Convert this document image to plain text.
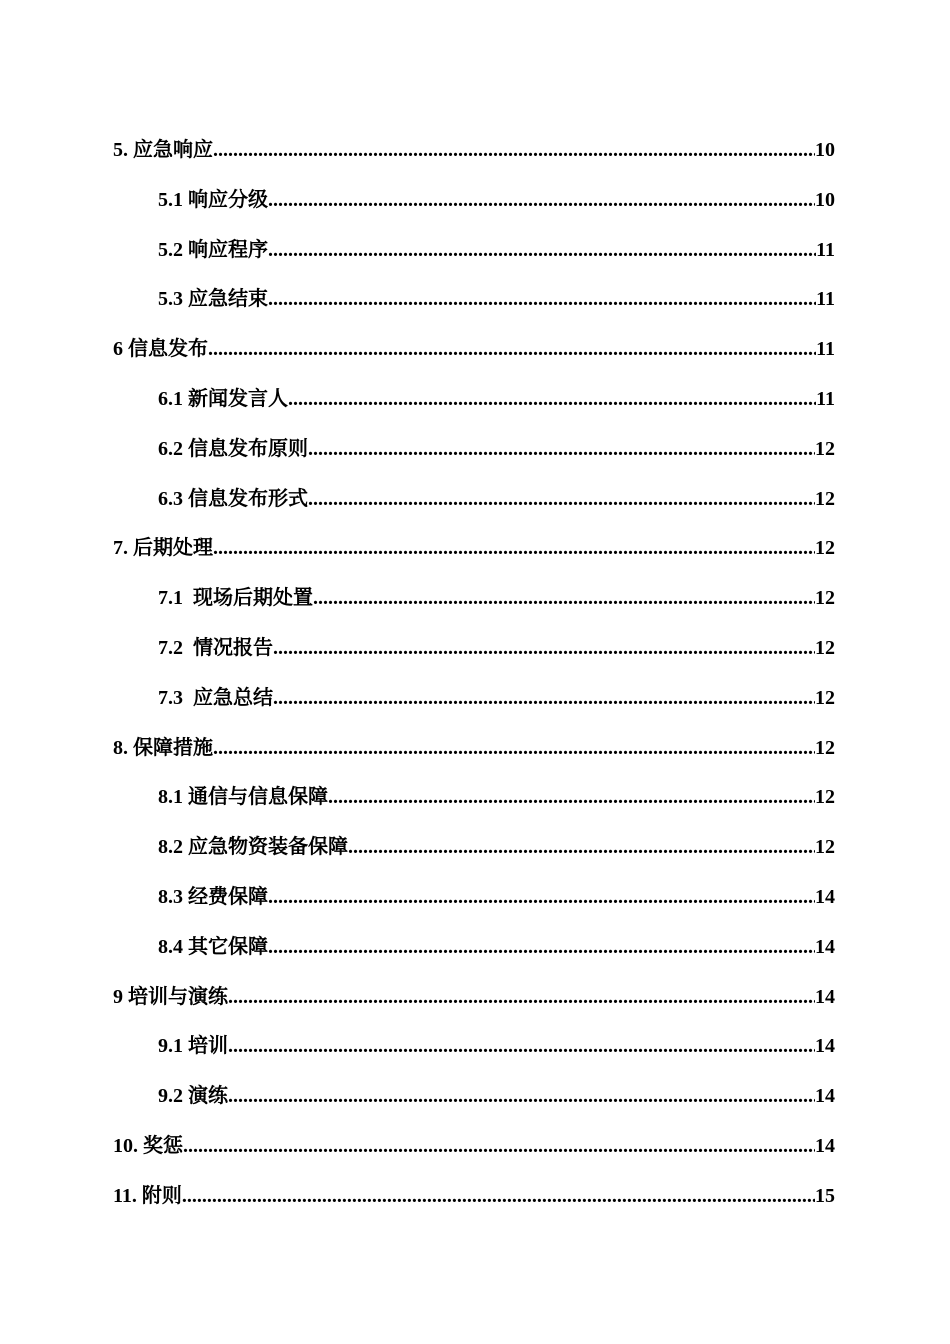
5. 应急响应 .....	10
5.1 响应分级 .....	10
5.2 响应程序 .....	11
5.3 应急结束 .....	11
6 信息发布 .....	11
6.1 新闻发言人 .....	11
6.2 信息发布原则 .....	12
6.3 信息发布形式 .....	12
7. 后期处理 .....	12
7.1  现场后期处置 .....	12
7.2  情况报告 .....	12
7.3  应急总结 .....	12
8. 保障措施 .....	12
8.1 通信与信息保障 .....	12
8.2 应急物资装备保障 .....	12
8.3 经费保障 .....	14
8.4 其它保障 .....	14
9 培训与演练 .....	14
9.1 培训 .....	14
9.2 演练 .....	14
10. 奖惩 .....	14
11. 附则 .....	15
